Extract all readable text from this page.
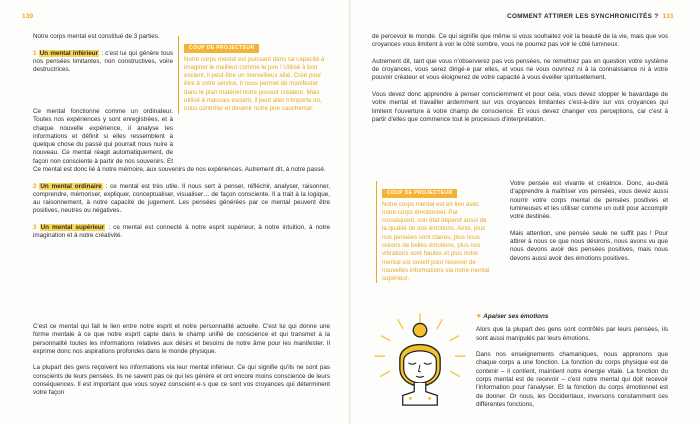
130

Notre corps mental est constitué de 3 parties.

1 Un mental inférieur : c'est lui qui génère tous nos pensées limitantes, non constructives, voire destructrices.

COUP DE PROJECTEUR
Notre corps mental est puissant dans sa capacité à imaginer le meilleur comme le pire ! Utilisé à bon escient, il peut être un merveilleux allié. Créé pour être à votre service, il nous permet de manifester dans le plan matériel notre pouvoir créateur. Mais utilisé à mauvais escient, il peut aller n'importe où, nous contrôler et devenir notre pire cauchemar.

Ce mental fonctionne comme un ordinateur. Toutes nos expériences y sont enregistrées, et à chaque nouvelle expérience, il analyse les informations et définit si elles ressemblent à quelque chose du passé qui pourrait nous nuire à nouveau. Ce mental réagit automatiquement, de façon non consciente à partir de nos souvenirs. Et

Ce mental est donc lié à notre mémoire, aux souvenirs de nos expériences. Autrement dit, à notre passé.

2 Un mental ordinaire : ce mental est très utile. Il nous sert à penser, réfléchir, analyser, raisonner, comprendre, mémoriser, expliquer, conceptualiser, visualiser… de façon consciente. Il a trait à la logique, au raisonnement, à notre capacité de jugement. Les pensées générées par ce mental peuvent être positives, neutres ou négatives.

3 Un mental supérieur : ce mental est connecté à notre esprit supérieur, à notre intuition, à notre imagination et à notre créativité.

C'est ce mental qui fait le lien entre notre esprit et notre personnalité actuelle. C'est lui qui donne une forme mentale à ce que notre esprit capte dans le champ unifié de conscience et qui transmet à la personnalité toutes les informations relatives aux désirs et besoins de notre âme pour les manifester. Il exprime donc nos aspirations profondes dans le monde physique.

La plupart des gens reçoivent les informations via leur mental inférieur. Ce qui signifie qu'ils ne sont pas conscients de leurs pensées. Ils ne savent pas ce qui les génère et ont encore moins conscience de leurs conséquences. Il est important que vous soyez conscient·e·s que ce sont vos croyances qui déterminent votre façon

COMMENT ATTIRER LES SYNCHRONICITÉS ? 131

de percevoir le monde. Ce qui signifie que même si vous souhaitez voir la beauté de la vie, mais que vos croyances vous limitent à voir le côté sombre, vous ne pourrez pas voir le côté lumineux.

Autrement dit, tant que vous n'observerez pas vos pensées, ne remettrez pas en question votre système de croyances, vous serez dirigé·e par elles, et vous ne vous ouvrirez ni à la connaissance ni à votre pouvoir créateur et vous éloignerez de votre capacité à vous éveiller spirituellement.

Vous devez donc apprendre à penser consciemment et pour cela, vous devez stopper le bavardage de votre mental et travailler ardemment sur vos croyances limitantes c'est-à-dire sur vos croyances qui limitent l'ouverture à votre champ de conscience. Et vous devez changer vos perceptions, car c'est à partir d'elles que commence tout le processus d'interprétation.

COUP DE PROJECTEUR
Notre corps mental est en lien avec notre corps émotionnel. Par conséquent, son état dépend aussi de la qualité de nos émotions. Ainsi, plus nos pensées sont claires, plus nous créons de belles émotions, plus nos vibrations sont hautes et plus notre mental est ouvert pour recevoir de nouvelles informations via notre mental supérieur.

Votre pensée est vivante et créatrice. Donc, au-delà d'apprendre à maîtriser vos pensées, vous devez aussi nourrir votre corps mental de pensées positives et lumineuses et les utiliser comme un outil pour accomplir votre destinée.

Mais attention, une pensée seule ne suffit pas ! Pour attirer à nous ce que nous désirons, nous avons vu que nous devons avoir des pensées positives, mais nous devons aussi avoir des émotions positives.

✦ Apaiser ses émotions

Alors que la plupart des gens sont contrôlés par leurs pensées, ils sont aussi manipulés par leurs émotions.

Dans nos enseignements chamaniques, nous apprenons que chaque corps a une fonction. La fonction du corps physique est de contenir – il contient, maintient notre énergie vitale. La fonction du corps mental est de recevoir – c'est notre mental qui doit recevoir l'information pour l'analyser. Et la fonction du corps émotionnel est de donner. Or nous, les Occidentaux, inversons constamment ces différentes fonctions,
